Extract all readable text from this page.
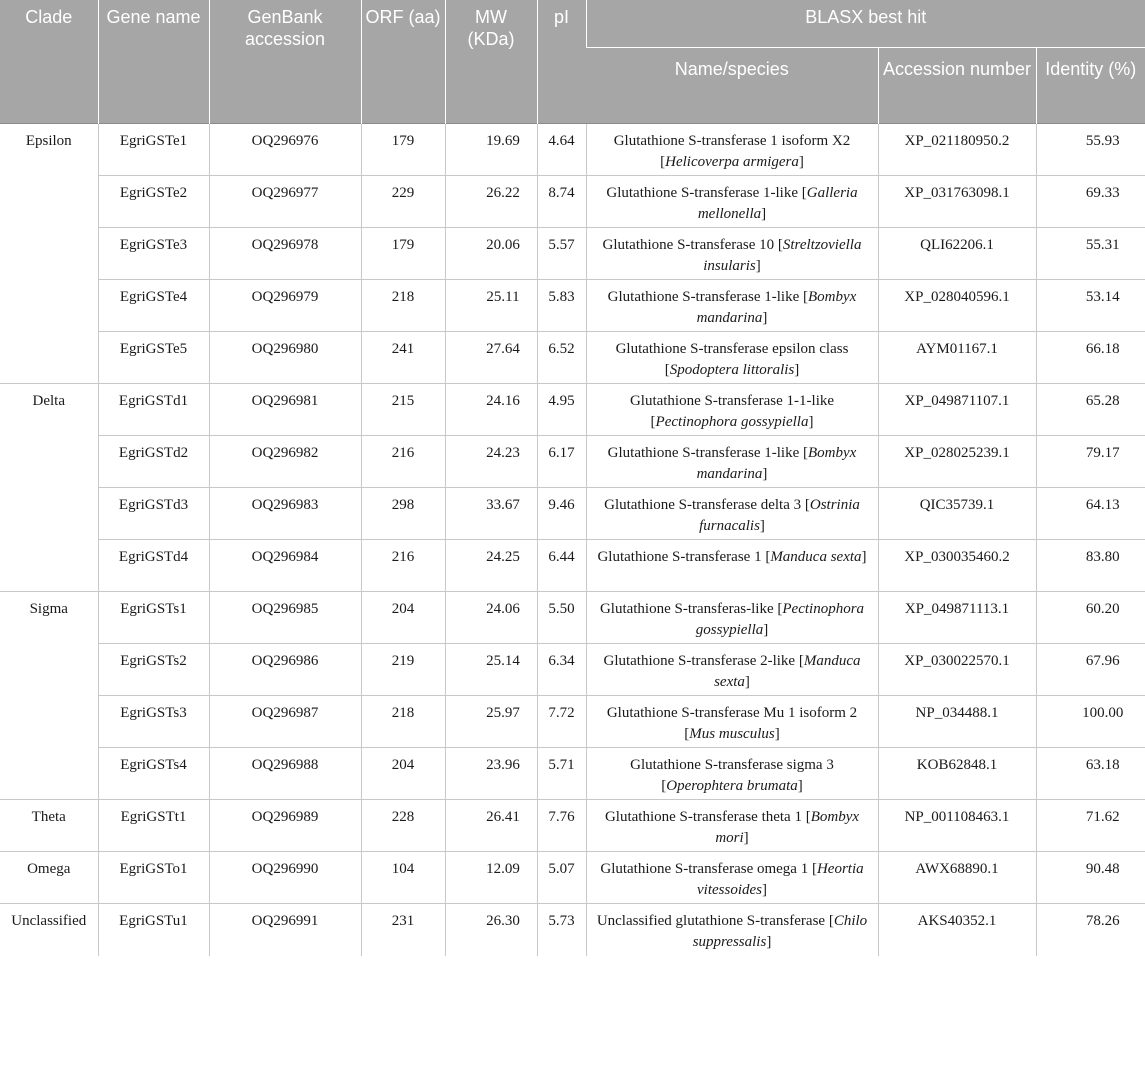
Clade	Gene name	GenBank accession	ORF (aa)	MW (KDa)	pI	BLASX best hit		
						Name/species	Accession number	Identity (%)
Epsilon	EgriGSTe1	OQ296976	179	19.69	4.64	Glutathione S-transferase 1 isoform X2 [Helicoverpa armigera]	XP_021180950.2	55.93
	EgriGSTe2	OQ296977	229	26.22	8.74	Glutathione S-transferase 1-like [Galleria mellonella]	XP_031763098.1	69.33
	EgriGSTe3	OQ296978	179	20.06	5.57	Glutathione S-transferase 10 [Streltzoviella insularis]	QLI62206.1	55.31
	EgriGSTe4	OQ296979	218	25.11	5.83	Glutathione S-transferase 1-like [Bombyx mandarina]	XP_028040596.1	53.14
	EgriGSTe5	OQ296980	241	27.64	6.52	Glutathione S-transferase epsilon class [Spodoptera littoralis]	AYM01167.1	66.18
Delta	EgriGSTd1	OQ296981	215	24.16	4.95	Glutathione S-transferase 1-1-like [Pectinophora gossypiella]	XP_049871107.1	65.28
	EgriGSTd2	OQ296982	216	24.23	6.17	Glutathione S-transferase 1-like [Bombyx mandarina]	XP_028025239.1	79.17
	EgriGSTd3	OQ296983	298	33.67	9.46	Glutathione S-transferase delta 3 [Ostrinia furnacalis]	QIC35739.1	64.13
	EgriGSTd4	OQ296984	216	24.25	6.44	Glutathione S-transferase 1 [Manduca sexta]	XP_030035460.2	83.80
Sigma	EgriGSTs1	OQ296985	204	24.06	5.50	Glutathione S-transferas-like [Pectinophora gossypiella]	XP_049871113.1	60.20
	EgriGSTs2	OQ296986	219	25.14	6.34	Glutathione S-transferase 2-like [Manduca sexta]	XP_030022570.1	67.96
	EgriGSTs3	OQ296987	218	25.97	7.72	Glutathione S-transferase Mu 1 isoform 2 [Mus musculus]	NP_034488.1	100.00
	EgriGSTs4	OQ296988	204	23.96	5.71	Glutathione S-transferase sigma 3 [Operophtera brumata]	KOB62848.1	63.18
Theta	EgriGSTt1	OQ296989	228	26.41	7.76	Glutathione S-transferase theta 1 [Bombyx mori]	NP_001108463.1	71.62
Omega	EgriGSTo1	OQ296990	104	12.09	5.07	Glutathione S-transferase omega 1 [Heortia vitessoides]	AWX68890.1	90.48
Unclassified	EgriGSTu1	OQ296991	231	26.30	5.73	Unclassified glutathione S-transferase [Chilo suppressalis]	AKS40352.1	78.26
